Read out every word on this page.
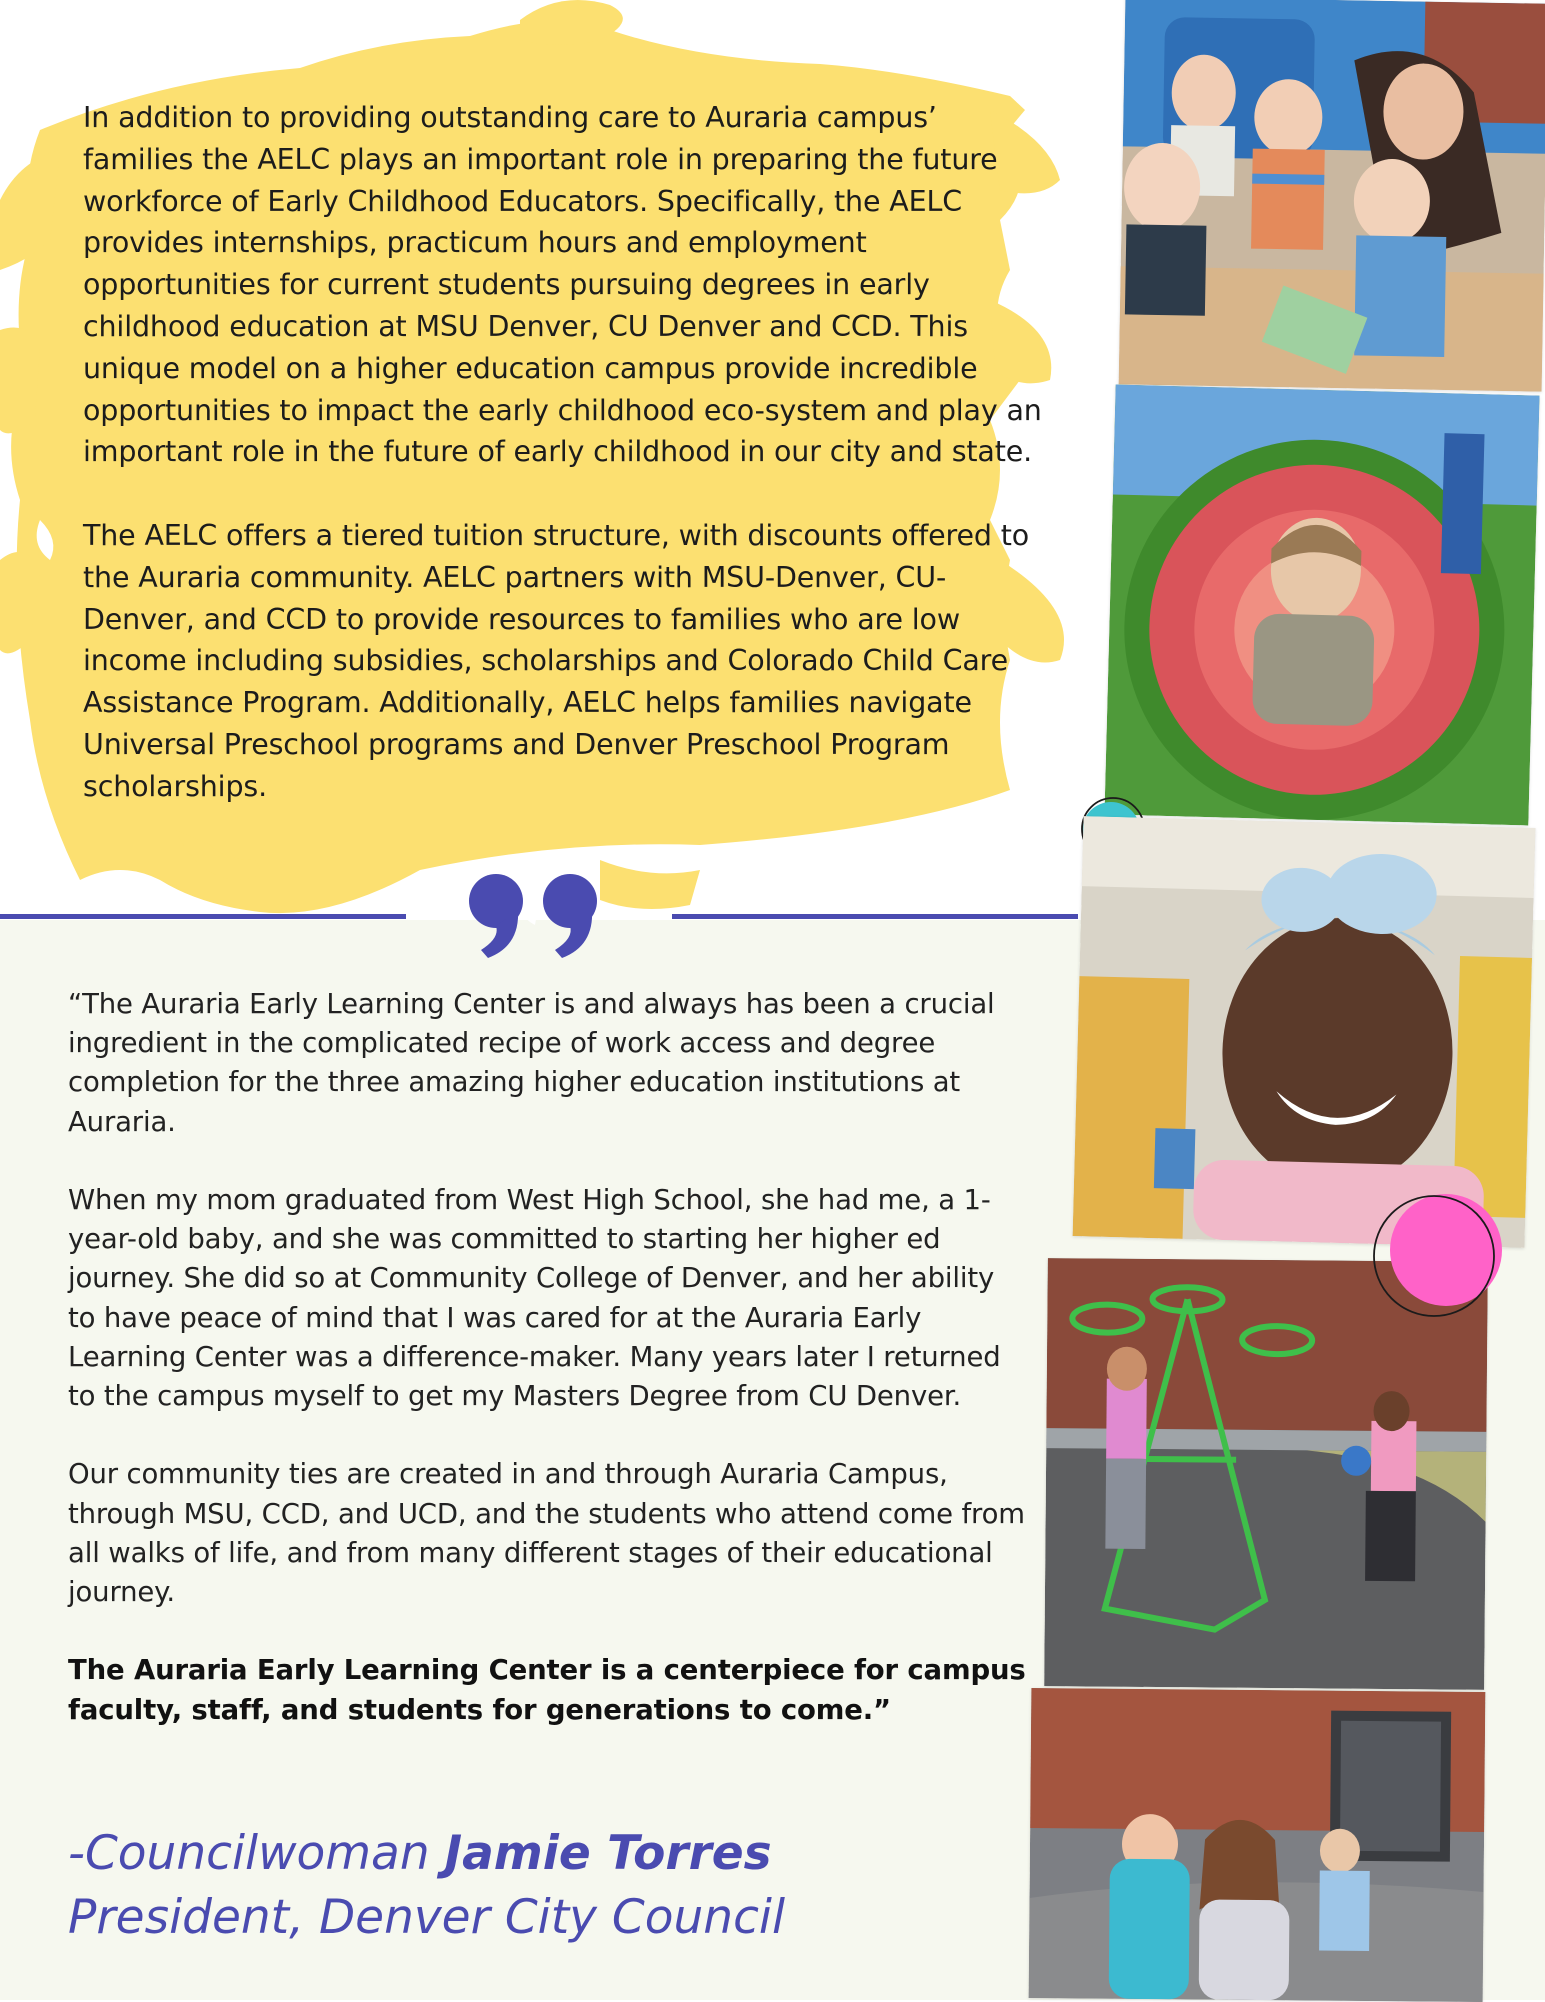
In addition to providing outstanding care to Auraria campus’ families the AELC plays an important role in preparing the future workforce of Early Childhood Educators. Specifically, the AELC provides internships, practicum hours and employment opportunities for current students pursuing degrees in early childhood education at MSU Denver, CU Denver and CCD. This unique model on a higher education campus provide incredible opportunities to impact the early childhood eco-system and play an important role in the future of early childhood in our city and state.

The AELC offers a tiered tuition structure, with discounts offered to the Auraria community. AELC partners with MSU-Denver, CU-Denver, and CCD to provide resources to families who are low income including subsidies, scholarships and Colorado Child Care Assistance Program. Additionally, AELC helps families navigate Universal Preschool programs and Denver Preschool Program scholarships.

“The Auraria Early Learning Center is and always has been a crucial ingredient in the complicated recipe of work access and degree completion for the three amazing higher education institutions at Auraria.

When my mom graduated from West High School, she had me, a 1-year-old baby, and she was committed to starting her higher ed journey. She did so at Community College of Denver, and her ability to have peace of mind that I was cared for at the Auraria Early Learning Center was a difference-maker. Many years later I returned to the campus myself to get my Masters Degree from CU Denver.

Our community ties are created in and through Auraria Campus, through MSU, CCD, and UCD, and the students who attend come from all walks of life, and from many different stages of their educational journey.

The Auraria Early Learning Center is a centerpiece for campus faculty, staff, and students for generations to come.”

-Councilwoman Jamie Torres
President, Denver City Council
